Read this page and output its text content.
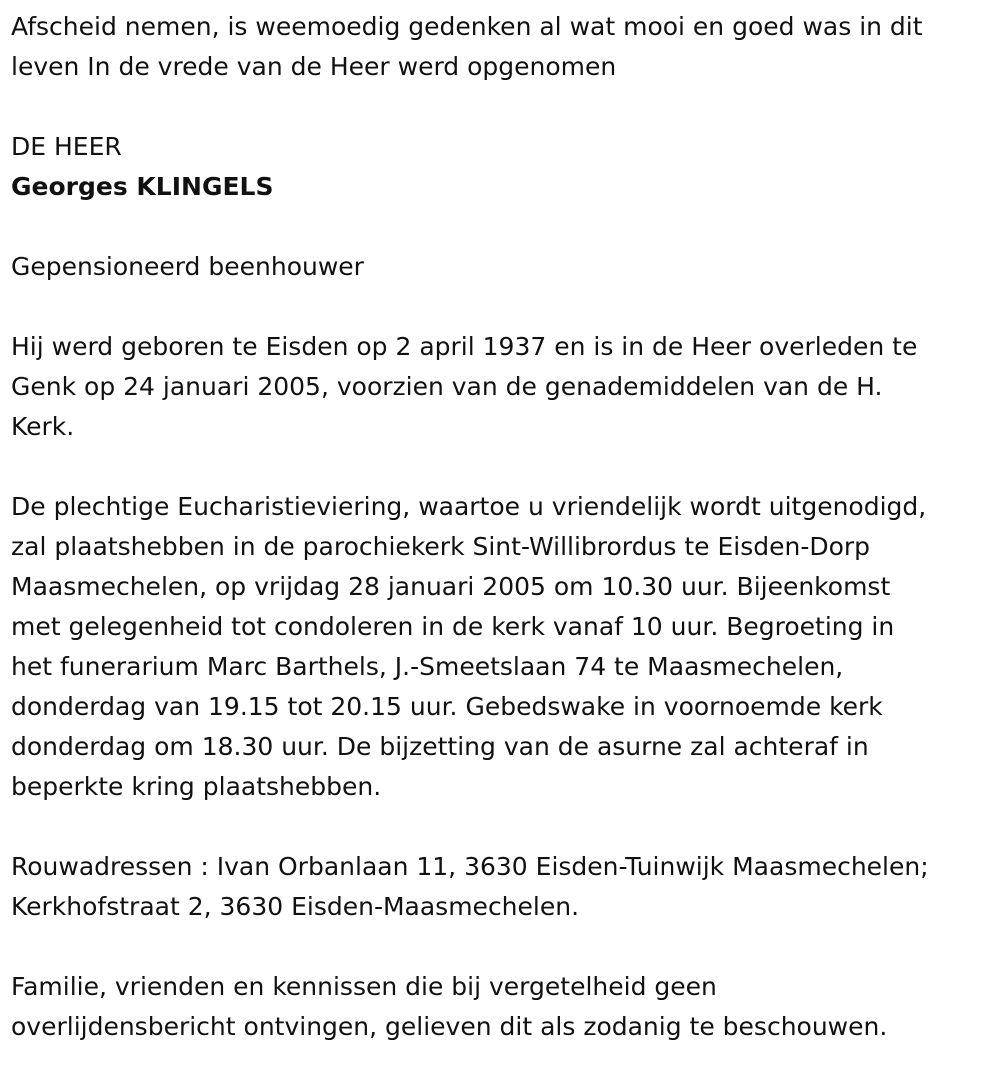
Afscheid nemen, is weemoedig gedenken al wat mooi en goed was in dit
leven In de vrede van de Heer werd opgenomen
DE HEER
Georges KLINGELS
Gepensioneerd beenhouwer
Hij werd geboren te Eisden op 2 april 1937 en is in de Heer overleden te
Genk op 24 januari 2005, voorzien van de genademiddelen van de H.
Kerk.
De plechtige Eucharistieviering, waartoe u vriendelijk wordt uitgenodigd,
zal plaatshebben in de parochiekerk Sint-Willibrordus te Eisden-Dorp
Maasmechelen, op vrijdag 28 januari 2005 om 10.30 uur. Bijeenkomst
met gelegenheid tot condoleren in de kerk vanaf 10 uur. Begroeting in
het funerarium Marc Barthels, J.-Smeetslaan 74 te Maasmechelen,
donderdag van 19.15 tot 20.15 uur. Gebedswake in voornoemde kerk
donderdag om 18.30 uur. De bijzetting van de asurne zal achteraf in
beperkte kring plaatshebben.
Rouwadressen : Ivan Orbanlaan 11, 3630 Eisden-Tuinwijk Maasmechelen;
Kerkhofstraat 2, 3630 Eisden-Maasmechelen.
Familie, vrienden en kennissen die bij vergetelheid geen
overlijdensbericht ontvingen, gelieven dit als zodanig te beschouwen.
